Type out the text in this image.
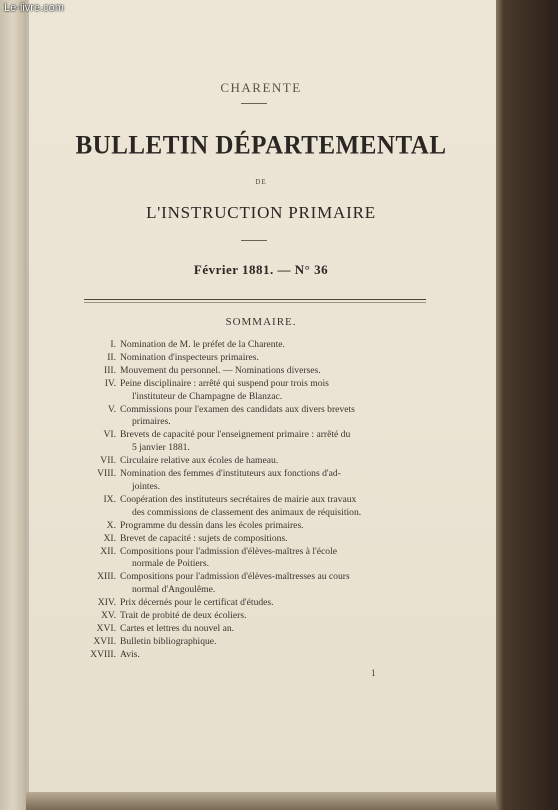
Le-livre.com
CHARENTE
BULLETIN DÉPARTEMENTAL
DE
L'INSTRUCTION PRIMAIRE
Février 1881. — N° 36
SOMMAIRE.
I. Nomination de M. le préfet de la Charente.
II. Nomination d'inspecteurs primaires.
III. Mouvement du personnel. — Nominations diverses.
IV. Peine disciplinaire : arrêté qui suspend pour trois mois
l'instituteur de Champagne de Blanzac.
V. Commissions pour l'examen des candidats aux divers brevets
primaires.
VI. Brevets de capacité pour l'enseignement primaire : arrêté du
5 janvier 1881.
VII. Circulaire relative aux écoles de hameau.
VIII. Nomination des femmes d'instituteurs aux fonctions d'ad-
jointes.
IX. Coopération des instituteurs secrétaires de mairie aux travaux
des commissions de classement des animaux de réquisition.
X. Programme du dessin dans les écoles primaires.
XI. Brevet de capacité : sujets de compositions.
XII. Compositions pour l'admission d'élèves-maîtres à l'école
normale de Poitiers.
XIII. Compositions pour l'admission d'élèves-maîtresses au cours
normal d'Angoulême.
XIV. Prix décernés pour le certificat d'études.
XV. Trait de probité de deux écoliers.
XVI. Cartes et lettres du nouvel an.
XVII. Bulletin bibliographique.
XVIII. Avis.
1
